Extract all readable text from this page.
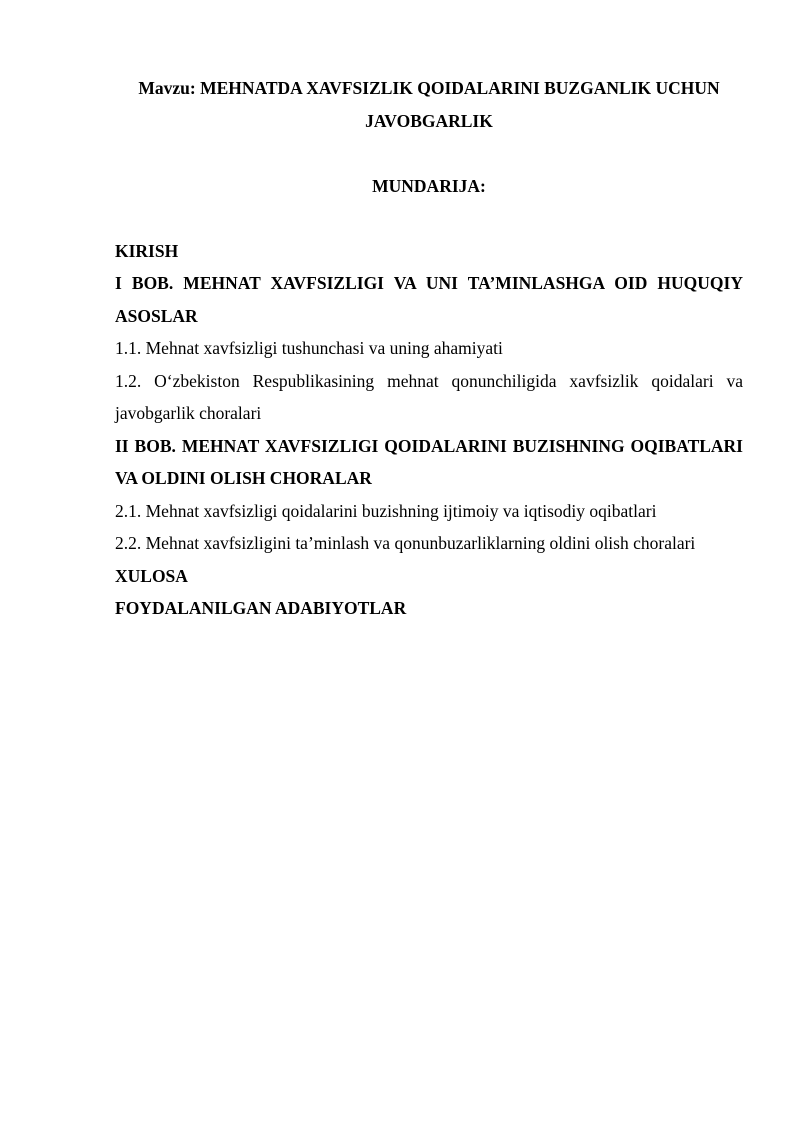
Mavzu: MEHNATDA XAVFSIZLIK QOIDALARINI BUZGANLIK UCHUN JAVOBGARLIK

MUNDARIJA:

KIRISH

I BOB. MEHNAT XAVFSIZLIGI VA UNI TA’MINLASHGA OID HUQUQIY ASOSLAR

1.1. Mehnat xavfsizligi tushunchasi va uning ahamiyati

1.2. O‘zbekiston Respublikasining mehnat qonunchiligida xavfsizlik qoidalari va javobgarlik choralari

II BOB. MEHNAT XAVFSIZLIGI QOIDALARINI BUZISHNING OQIBATLARI VA OLDINI OLISH CHORALAR

2.1. Mehnat xavfsizligi qoidalarini buzishning ijtimoiy va iqtisodiy oqibatlari

2.2. Mehnat xavfsizligini ta’minlash va qonunbuzarliklarning oldini olish choralari

XULOSA

FOYDALANILGAN ADABIYOTLAR
